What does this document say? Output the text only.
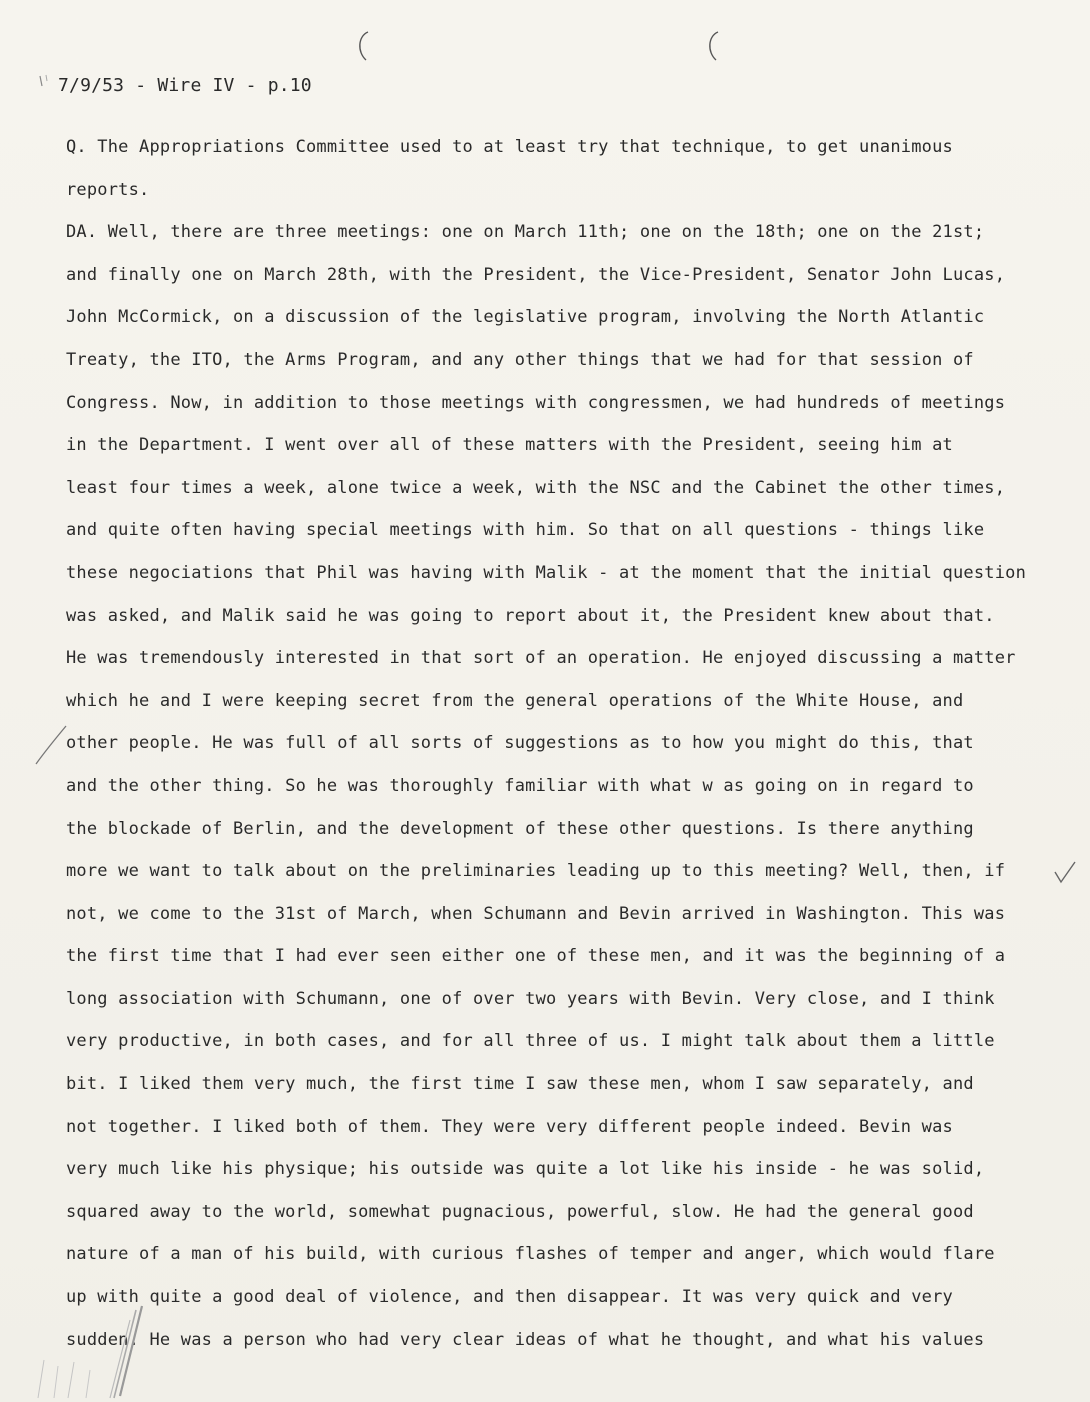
7/9/53 - Wire IV - p.10
Q. The Appropriations Committee used to at least try that technique, to get unanimous
reports.
DA. Well, there are three meetings: one on March 11th; one on the 18th; one on the 21st;
and finally one on March 28th, with the President, the Vice-President, Senator John Lucas,
John McCormick, on a discussion of the legislative program, involving the North Atlantic
Treaty, the ITO, the Arms Program, and any other things that we had for that session of
Congress. Now, in addition to those meetings with congressmen, we had hundreds of meetings
in the Department. I went over all of these matters with the President, seeing him at
least four times a week, alone twice a week, with the NSC and the Cabinet the other times,
and quite often having special meetings with him. So that on all questions - things like
these negociations that Phil was having with Malik - at the moment that the initial question
was asked, and Malik said he was going to report about it, the President knew about that.
He was tremendously interested in that sort of an operation. He enjoyed discussing a matter
which he and I were keeping secret from the general operations of the White House, and
other people. He was full of all sorts of suggestions as to how you might do this, that
and the other thing. So he was thoroughly familiar with what w as going on in regard to
the blockade of Berlin, and the development of these other questions. Is there anything
more we want to talk about on the preliminaries leading up to this meeting? Well, then, if
not, we come to the 31st of March, when Schumann and Bevin arrived in Washington. This was
the first time that I had ever seen either one of these men, and it was the beginning of a
long association with Schumann, one of over two years with Bevin. Very close, and I think
very productive, in both cases, and for all three of us. I might talk about them a little
bit. I liked them very much, the first time I saw these men, whom I saw separately, and
not together. I liked both of them. They were very different people indeed. Bevin was
very much like his physique; his outside was quite a lot like his inside - he was solid,
squared away to the world, somewhat pugnacious, powerful, slow. He had the general good
nature of a man of his build, with curious flashes of temper and anger, which would flare
up with quite a good deal of violence, and then disappear. It was very quick and very
sudden. He was a person who had very clear ideas of what he thought, and what his values
